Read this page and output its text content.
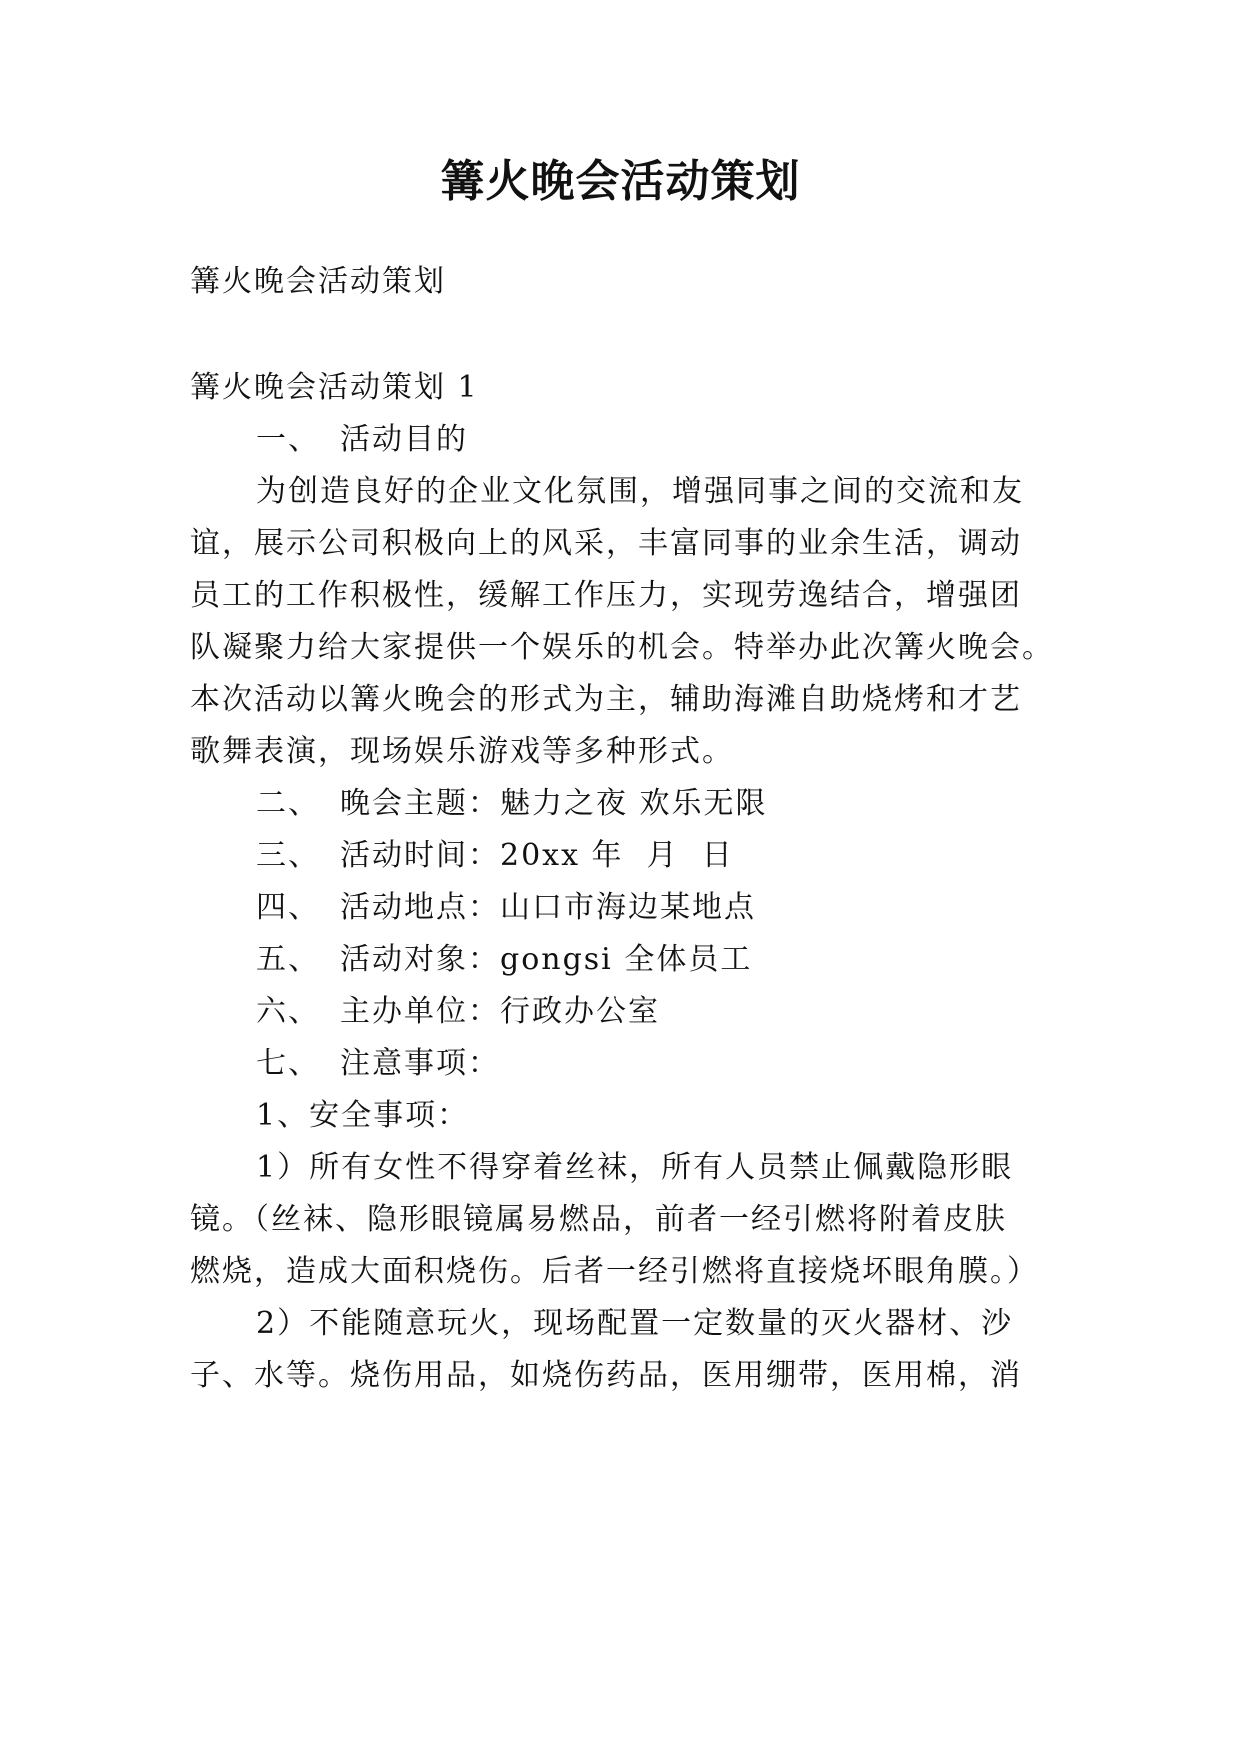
篝火晚会活动策划
篝火晚会活动策划
篝火晚会活动策划 1
一、 活动目的
为创造良好的企业文化氛围，增强同事之间的交流和友
谊，展示公司积极向上的风采，丰富同事的业余生活，调动
员工的工作积极性，缓解工作压力，实现劳逸结合，增强团
队凝聚力给大家提供一个娱乐的机会。特举办此次篝火晚会。
本次活动以篝火晚会的形式为主，辅助海滩自助烧烤和才艺
歌舞表演，现场娱乐游戏等多种形式。
二、 晚会主题：魅力之夜 欢乐无限
三、 活动时间：20xx 年  月  日
四、 活动地点：山口市海边某地点
五、 活动对象：gongsi 全体员工
六、 主办单位：行政办公室
七、 注意事项：
1、安全事项：
1）所有女性不得穿着丝袜，所有人员禁止佩戴隐形眼
镜。（丝袜、隐形眼镜属易燃品，前者一经引燃将附着皮肤
燃烧，造成大面积烧伤。后者一经引燃将直接烧坏眼角膜。）
2）不能随意玩火，现场配置一定数量的灭火器材、沙
子、水等。烧伤用品，如烧伤药品，医用绷带，医用棉，消
